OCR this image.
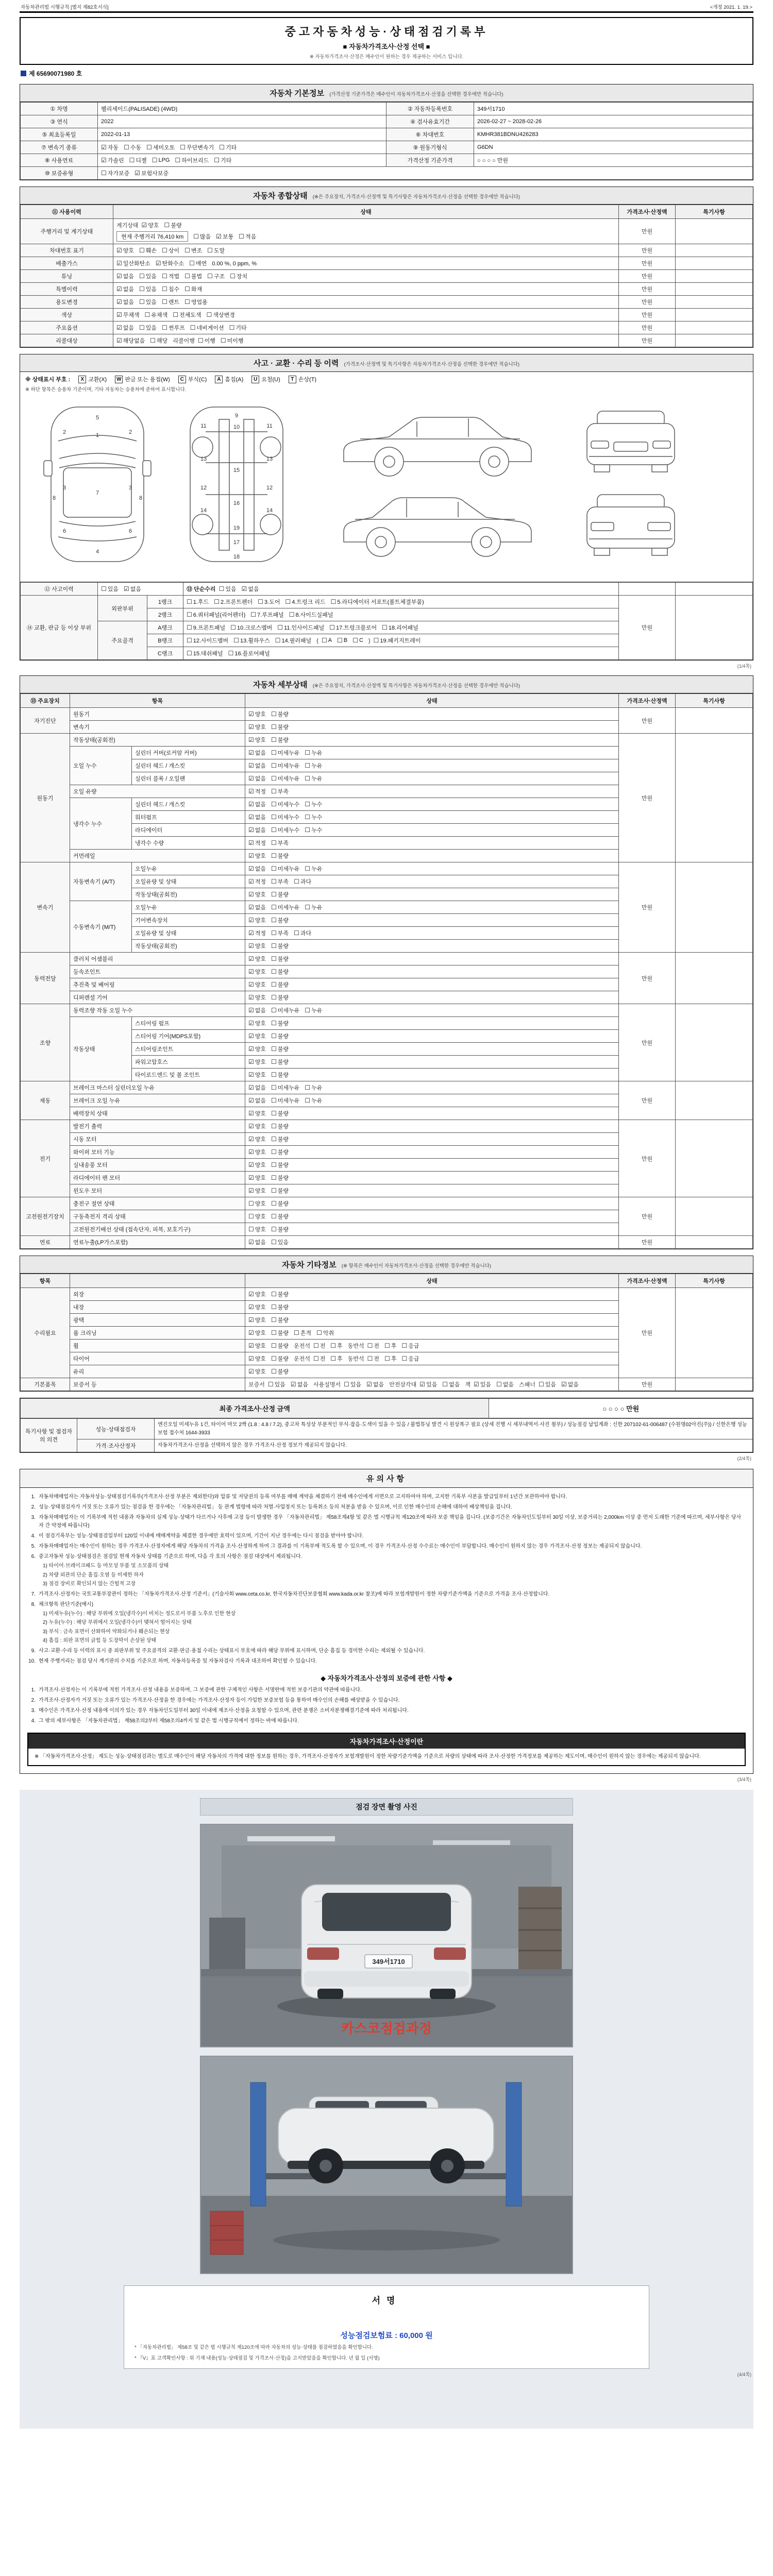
자동차관리법 시행규칙 [별지 제82호서식]	<개정 2021. 1. 19.>
중고자동차성능·상태점검기록부
■ 자동차가격조사·산정 선택 ■
※ 자동차가격조사·산정은 매수인이 원하는 경우 제공하는 서비스 입니다.
제 65690071980 호
자동차 기본정보 (가격산정 기준가격은 매수인이 자동차가격조사·산정을 선택한 경우에만 적습니다)
① 차명	펠리세이드(PALISADE) (4WD)	② 자동차등록번호	349서1710
③ 연식	2022	④ 검사유효기간	2026-02-27 ~ 2028-02-26
⑤ 최초등록일	2022-01-13	⑥ 차대번호	KMHR381BDNU426283
⑦ 변속기 종류	☑ 자동 ☐ 수동 ☐ 세미오토 ☐ 무단변속기 ☐ 기타	⑨ 원동기형식	G6DN
⑧ 사용연료	☑ 가솔린 ☐ 디젤 ☐ LPG ☐ 하이브리드 ☐ 기타	가격산정 기준가격	○ ○ ○ ○ 만원
⑩ 보증유형	☐ 자가보증 ☑ 보험사보증		
자동차 종합상태 (※은 주요장치, 가격조사·산정액 및 특기사항은 자동차가격조사·산정을 선택한 경우에만 적습니다)
⑪ 사용이력	상태	가격조사·산정액	특기사항
주행거리 및 계기상태	
계기상태 ☑ 양호 ☐ 불량
현재 주행거리 76,410 km ☐ 많음 ☑ 보통 ☐ 적음
	만원	
차대번호 표기	☑ 양호 ☐ 훼손 ☐ 상이 ☐ 변조 ☐ 도말	만원	
배출가스	☑ 일산화탄소 ☑ 탄화수소 ☐ 매연 0.00 %, 0 ppm, %	만원	
튜닝	☑ 없음 ☐ 있음 ☐ 적법 ☐ 불법 ☐ 구조 ☐ 장치	만원	
특별이력	☑ 없음 ☐ 있음 ☐ 침수 ☐ 화재	만원	
용도변경	☑ 없음 ☐ 있음 ☐ 렌트 ☐ 영업용	만원	
색상	☑ 무채색 ☐ 유채색 ☐ 전체도색 ☐ 색상변경	만원	
주요옵션	☑ 없음 ☐ 있음 ☐ 썬루프 ☐ 네비게이션 ☐ 기타	만원	
리콜대상	☑ 해당없음 ☐ 해당 리콜이행 ☐ 이행 ☐ 미이행	만원	
사고 · 교환 · 수리 등 이력 (가격조사·산정액 및 특기사항은 자동차가격조사·산정을 선택한 경우에만 적습니다)
※ 상태표시 부호 :	X 교환(X) W 판금 또는 용접(W)	C 부식(C)	A 흠집(A)	U 요철(U)	T 손상(T)
※ 하단 항목은 승용차 기준이며, 기타 자동차는 승용차에 준하여 표시합니다.
5
1
2	2
3	3
7
8	8
6	6
4
9
10
11	11
13	13
15
12	12
16
14	14
19
17
18
⑫ 사고이력	☐ 있음 ☑ 없음		⑬ 단순수리 ☐ 있음 ☑ 없음		

⑭ 교환, 판금 등 이상 부위	외판부위	1랭크	☐ 1.후드 ☐ 2.프론트펜더 ☐ 3.도어 ☐ 4.트렁크 리드 ☐ 5.라디에이터 서포트(볼트체결부품)
	만원	
2랭크	☐ 6.쿼터패널(리어펜더) ☐ 7.루프패널 ☐ 8.사이드실패널

주요골격	A랭크	☐ 9.프론트패널 ☐ 10.크로스멤버 ☐ 11.인사이드패널 ☐ 17.트렁크플로어 ☐ 18.리어패널

B랭크	☐ 12.사이드멤버 ☐ 13.휠하우스 ☐ 14.필러패널 ( ☐ A ☐ B ☐ C ) ☐ 19.패키지트레이

		C랭크	☐ 15.대쉬패널 ☐ 16.플로어패널		
(1/4쪽)
자동차 세부상태 (※은 주요장치, 가격조사·산정액 및 특기사항은 자동차가격조사·산정을 선택한 경우에만 적습니다)
⑮ 주요장치	항목		상태	가격조사·산정액	특기사항
자기진단	원동기		☑ 양호 ☐ 불량	만원	
	변속기		☑ 양호 ☐ 불량		

원동기	작동상태(공회전)		☑ 양호 ☐ 불량	만원	
오일 누수	실린더 커버(로커암 커버)	☑ 없음 ☐ 미세누유 ☐ 누유

실린더 헤드 / 개스킷	☑ 없음 ☐ 미세누유 ☐ 누유

실린더 블록 / 오일팬	☑ 없음 ☐ 미세누유 ☐ 누유

	오일 유량		☑ 적정 ☐ 부족		

냉각수 누수	실린더 헤드 / 개스킷	☑ 없음 ☐ 미세누수 ☐ 누수

워터펌프	☑ 없음 ☐ 미세누수 ☐ 누수

라디에이터	☑ 없음 ☐ 미세누수 ☐ 누수

		냉각수 수량	☑ 적정 ☐ 부족		

	커먼레일		☑ 양호 ☐ 불량		

변속기	자동변속기 (A/T)	오일누유	☑ 없음 ☐ 미세누유 ☐ 누유
	만원	
오일유량 및 상태	☑ 적정 ☐ 부족 ☐ 과다

		작동상태(공회전)	☑ 양호 ☐ 불량		

수동변속기 (M/T)	오일누유	☑ 없음 ☐ 미세누유 ☐ 누유

		기어변속장치	☑ 양호 ☐ 불량		

오일유량 및 상태	☑ 적정 ☐ 부족 ☐ 과다

		작동상태(공회전)	☑ 양호 ☐ 불량		

동력전달	클러치 어셈블리		☑ 양호 ☐ 불량	만원	
	등속조인트		☑ 양호 ☐ 불량		

	추진축 및 베어링		☑ 양호 ☐ 불량		

	디퍼렌셜 기어		☑ 양호 ☐ 불량		

조향	동력조향 작동 오일 누수	☑ 없음 ☐ 미세누유 ☐ 누유
	만원	
	작동상태	스티어링 펌프	☑ 양호 ☐ 불량		

		스티어링 기어(MDPS포함)	☑ 양호 ☐ 불량		

		스티어링조인트	☑ 양호 ☐ 불량		

		파워고압호스	☑ 양호 ☐ 불량		

		타이로드엔드 및 볼 조인트	☑ 양호 ☐ 불량		

제동	브레이크 마스터 실린더오일 누유	☑ 없음 ☐ 미세누유 ☐ 누유
	만원	
브레이크 오일 누유	☑ 없음 ☐ 미세누유 ☐ 누유

	배력장치 상태		☑ 양호 ☐ 불량		

전기	발전기 출력		☑ 양호 ☐ 불량	만원	
	시동 모터		☑ 양호 ☐ 불량		

	와이퍼 모터 기능		☑ 양호 ☐ 불량		

	실내송풍 모터		☑ 양호 ☐ 불량		

	라디에이터 팬 모터		☑ 양호 ☐ 불량		

	윈도우 모터		☑ 양호 ☐ 불량		

고전원전기장치	충전구 절연 상태		☐ 양호 ☐ 불량	만원	
	구동축전지 격리 상태		☐ 양호 ☐ 불량		

	고전원전기배선 상태 (접속단자, 피복, 보호기구)		☐ 양호 ☐ 불량		

연료	연료누출(LP가스포함)		☑ 없음 ☐ 있음	만원	
자동차 기타정보 (※ 항목은 매수인이 자동차가격조사·산정을 선택한 경우에만 적습니다)
항목		상태	가격조사·산정액	특기사항
수리필요	외장	☑ 양호 ☐ 불량	만원	
	내장	☑ 양호 ☐ 불량		

	광택	☑ 양호 ☐ 불량		

룸 크리닝	☑ 양호 ☐ 불량 ☐ 흔적 ☐ 악취

휠	☑ 양호 ☐ 불량 운전석 ☐ 전 ☐ 후 동반석 ☐ 전 ☐ 후 ☐ 응급

타이어	☑ 양호 ☐ 불량 운전석 ☐ 전 ☐ 후 동반석 ☐ 전 ☐ 후 ☐ 응급

	유리	☑ 양호 ☐ 불량		

기본품목	보증서 등	보증서 ☐ 있음 ☑ 없음 사용설명서 ☐ 있음 ☑ 없음 안전삼각대 ☑ 있음 ☐ 없음 잭 ☑ 있음 ☐ 없음 스패너 ☐ 있음 ☑ 없음	만원	
최종 가격조사·산정 금액	○ ○ ○ ○ 만원
특기사항 및 점검자의 의견	성능·상태점검자	엔진오일 미세누유 1건, 타이어 마모 2짝 (1.8 : 4.8 / 7.2), 중고차 특성상 부분적인 부식·잡음·도색이 있을 수 있음 / 불법튜닝 발견 시 원상복구 필요 (상세 진행 시 세부내역서·사진 첨부) / 성능점검 납입계좌 : 신한 207102-61-006487 (수원명02아진(주)) / 신한은행 성능보험 접수처 1644-3933
	가격·조사산정자	자동차가격조사·산정을 선택하지 않은 경우 가격조사·산정 정보가 제공되지 않습니다.
(2/4쪽)
유의사항
1. 자동차매매업자는 자동차성능·상태점검기록부(가격조사·산정 부분은 제외한다)와 압류 및 저당권의 등록 여부를 매매 계약을 체결하기 전에 매수인에게 서면으로 고지하여야 하며, 고지한 기록부 사본을 발급일부터 1년간 보관하여야 합니다.
2. 성능·상태점검자가 거짓 또는 오류가 있는 점검을 한 경우에는 「자동차관리법」 등 관계 법령에 따라 처벌·사업정지 또는 등록취소 등의 처분을 받을 수 있으며, 이로 인한 매수인의 손해에 대하여 배상책임을 집니다.
3. 자동차매매업자는 이 기록부에 적힌 내용과 자동차의 실제 성능·상태가 다르거나 사후에 고장 등이 발생한 경우 「자동차관리법」 제58조제4항 및 같은 법 시행규칙 제120조에 따라 보증 책임을 집니다. (보증기간은 자동차인도일부터 30일 이상, 보증거리는 2,000km 이상 중 먼저 도래한 기준에 따르며, 세부사항은 당사자 간 약정에 따릅니다)
4. 이 점검기록부는 성능·상태점검일부터 120일 이내에 매매계약을 체결한 경우에만 효력이 있으며, 기간이 지난 경우에는 다시 점검을 받아야 합니다.
5. 자동차매매업자는 매수인이 원하는 경우 가격조사·산정자에게 해당 자동차의 가격을 조사·산정하게 하여 그 결과를 이 기록부에 적도록 할 수 있으며, 이 경우 가격조사·산정 수수료는 매수인이 부담합니다. 매수인이 원하지 않는 경우 가격조사·산정 정보는 제공되지 않습니다.
6. 중고자동차 성능·상태점검은 점검일 현재 자동차 상태를 기준으로 하며, 다음 각 호의 사항은 점검 대상에서 제외됩니다.
1) 타이어·브레이크패드 등 마모성 부품 및 소모품의 상태
2) 차량 외관의 단순 흠집·오염 등 미세한 하자
3) 점검 장비로 확인되지 않는 간헐적 고장
7. 가격조사·산정자는 국토교통부장관이 정하는 「자동차가격조사·산정 기준서」(기술사회 www.ceta.co.kr, 한국자동차진단보증협회 www.kada.or.kr 참조)에 따라 보험개발원이 정한 차량기준가액을 기준으로 가격을 조사·산정합니다.
8. 체크항목 판단기준(예시)
1) 미세누유(누수) : 해당 부위에 오일(냉각수)이 비치는 정도로서 부품 노후로 인한 현상
2) 누유(누수) : 해당 부위에서 오일(냉각수)이 맺혀서 떨어지는 상태
3) 부식 : 금속 표면이 산화하여 약화되거나 훼손되는 현상
4) 흠집 : 외판 표면의 긁힘 등 도장막이 손상된 상태
9. 사고·교환·수리 등 이력의 표시 중 외판부위 및 주요골격의 교환·판금·용접 수리는 상태표시 부호에 따라 해당 부위에 표시하며, 단순 흠집 등 경미한 수리는 제외될 수 있습니다.
10. 현재 주행거리는 점검 당시 계기판의 수치를 기준으로 하며, 자동차등록증 및 자동차검사 기록과 대조하여 확인할 수 있습니다.
◆ 자동차가격조사·산정의 보증에 관한 사항 ◆
1. 가격조사·산정자는 이 기록부에 적힌 가격조사·산정 내용을 보증하며, 그 보증에 관한 구체적인 사항은 서명란에 적힌 보증기관의 약관에 따릅니다.
2. 가격조사·산정자가 거짓 또는 오류가 있는 가격조사·산정을 한 경우에는 가격조사·산정자 등이 가입한 보증보험 등을 통하여 매수인의 손해를 배상받을 수 있습니다.
3. 매수인은 가격조사·산정 내용에 이의가 있는 경우 자동차인도일부터 30일 이내에 재조사·산정을 요청할 수 있으며, 관련 분쟁은 소비자분쟁해결기준에 따라 처리됩니다.
4. 그 밖의 세부사항은 「자동차관리법」 제58조의2부터 제58조의4까지 및 같은 법 시행규칙에서 정하는 바에 따릅니다.
자동차가격조사·산정이란
※ 「자동차가격조사·산정」 제도는 성능·상태점검과는 별도로 매수인이 해당 자동차의 가격에 대한 정보를 원하는 경우, 가격조사·산정자가 보험개발원이 정한 차량기준가액을 기준으로 차량의 상태에 따라 조사·산정한 가격정보를 제공하는 제도이며, 매수인이 원하지 않는 경우에는 제공되지 않습니다.
(3/4쪽)
점검 장면 촬영 사진
349서1710
카스코점검과정
서명
성능점검보험료 : 60,000 원
* 「자동차관리법」 제58조 및 같은 법 시행규칙 제120조에 따라 자동차의 성능·상태를 점검하였음을 확인합니다.
* 『V』표 고객확인사항 : 위 기재 내용(성능·상태점검 및 가격조사·산정)을 고지받았음을 확인합니다. 년 월 일 (서명)
(4/4쪽)
